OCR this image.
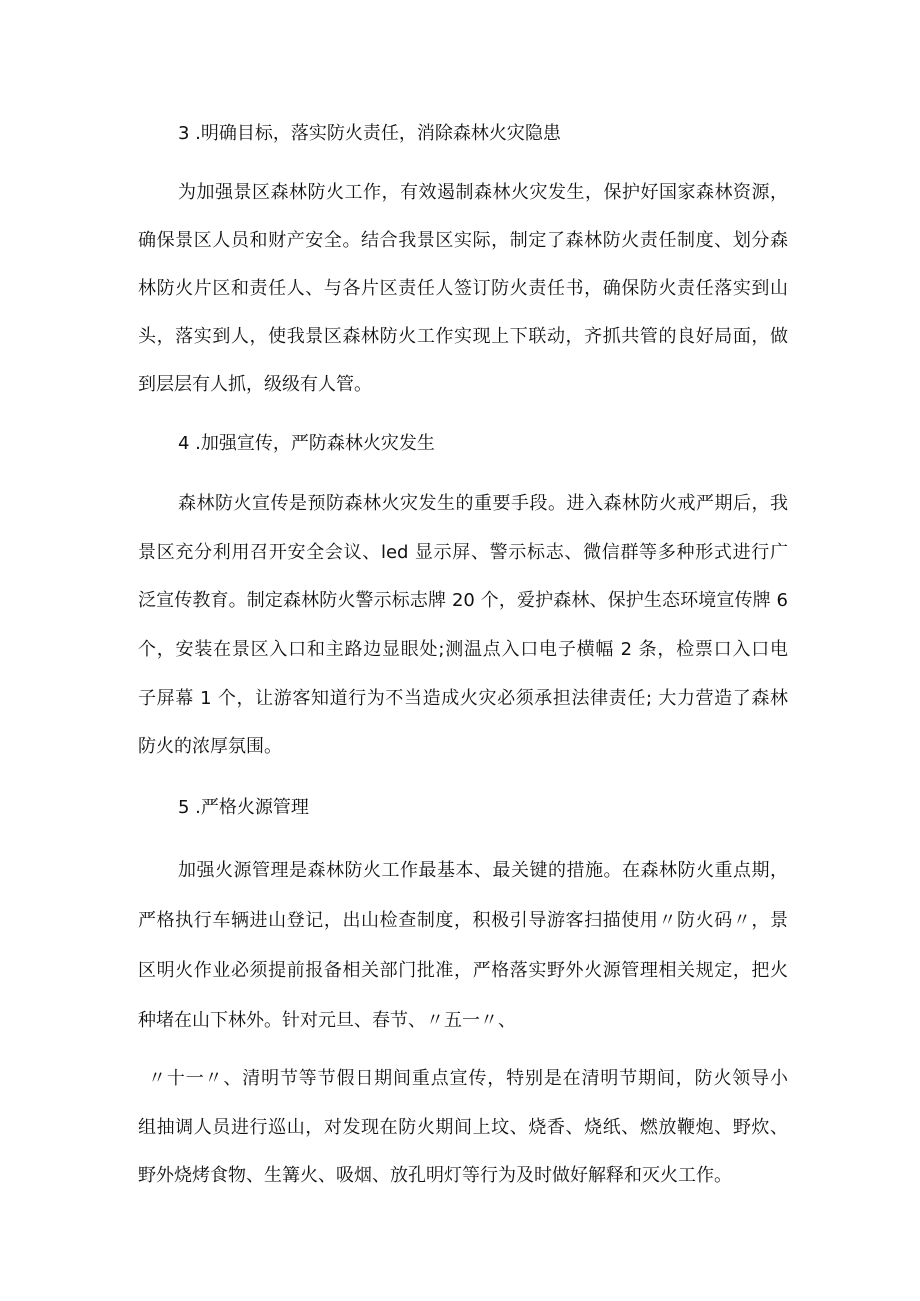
3 .明确目标，落实防火责任，消除森林火灾隐患
为加强景区森林防火工作，有效遏制森林火灾发生，保护好国家森林资源，
确保景区人员和财产安全。结合我景区实际，制定了森林防火责任制度、划分森
林防火片区和责任人、与各片区责任人签订防火责任书，确保防火责任落实到山
头，落实到人，使我景区森林防火工作实现上下联动，齐抓共管的良好局面，做
到层层有人抓，级级有人管。
4 .加强宣传，严防森林火灾发生
森林防火宣传是预防森林火灾发生的重要手段。进入森林防火戒严期后，我
景区充分利用召开安全会议、led 显示屏、警示标志、微信群等多种形式进行广
泛宣传教育。制定森林防火警示标志牌 20 个，爱护森林、保护生态环境宣传牌 6
个，安装在景区入口和主路边显眼处;测温点入口电子横幅 2 条，检票口入口电
子屏幕 1 个，让游客知道行为不当造成火灾必须承担法律责任; 大力营造了森林
防火的浓厚氛围。
5 .严格火源管理
加强火源管理是森林防火工作最基本、最关键的措施。在森林防火重点期，
严格执行车辆进山登记，出山检查制度，积极引导游客扫描使用〃防火码〃，景
区明火作业必须提前报备相关部门批准，严格落实野外火源管理相关规定，把火
种堵在山下林外。针对元旦、春节、〃五一〃、
〃十一〃、清明节等节假日期间重点宣传，特别是在清明节期间，防火领导小
组抽调人员进行巡山，对发现在防火期间上坟、烧香、烧纸、燃放鞭炮、野炊、
野外烧烤食物、生篝火、吸烟、放孔明灯等行为及时做好解释和灭火工作。
